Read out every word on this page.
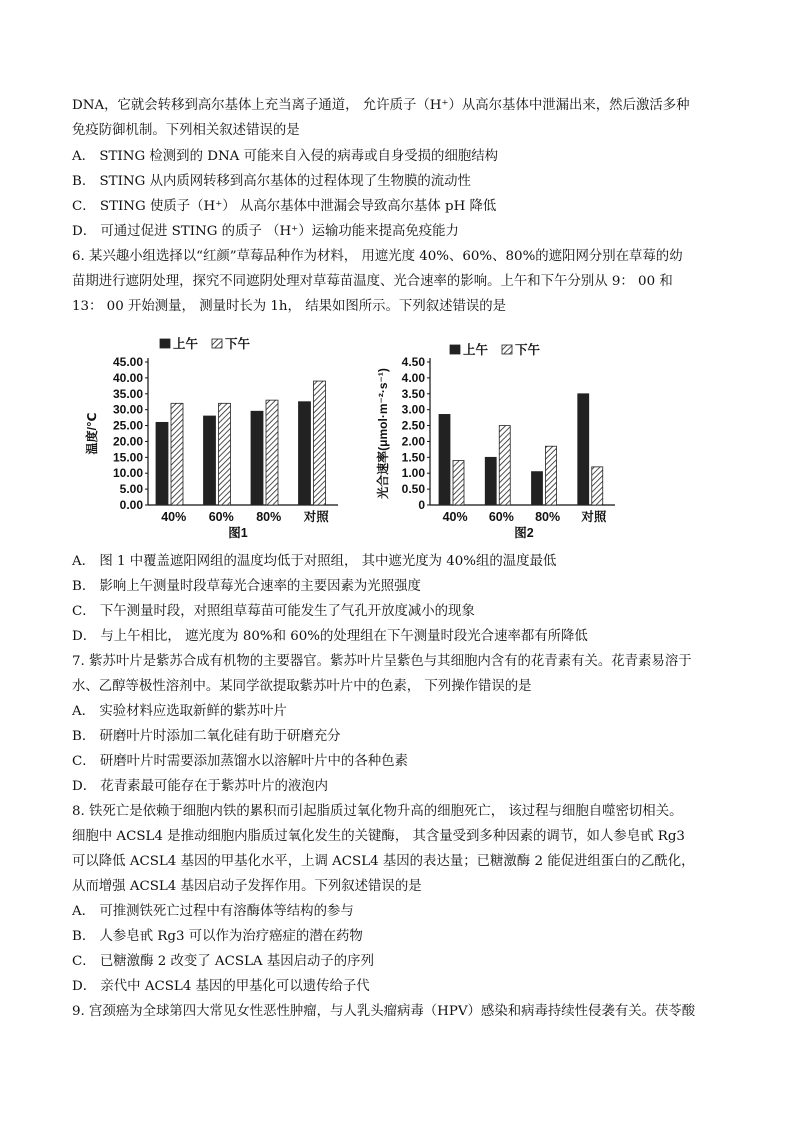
DNA，它就会转移到高尔基体上充当离子通道， 允许质子（H⁺）从高尔基体中泄漏出来，然后激活多种
免疫防御机制。下列相关叙述错误的是
A． STING 检测到的 DNA 可能来自入侵的病毒或自身受损的细胞结构
B． STING 从内质网转移到高尔基体的过程体现了生物膜的流动性
C． STING 使质子（H⁺） 从高尔基体中泄漏会导致高尔基体 pH 降低
D． 可通过促进 STING 的质子 （H⁺）运输功能来提高免疫能力
6. 某兴趣小组选择以“红颜”草莓品种作为材料， 用遮光度 40%、60%、80%的遮阳网分别在草莓的幼
苗期进行遮阴处理，探究不同遮阴处理对草莓苗温度、光合速率的影响。上午和下午分别从 9： 00 和
13： 00 开始测量， 测量时长为 1h， 结果如图所示。下列叙述错误的是
0.00
5.00
10.00
15.00
20.00
25.00
30.00
35.00
40.00
45.00
40% 60% 80% 对照
上午 下午
温度/℃
图1
0
0.50
1.00
1.50
2.00
2.50
3.00
3.50
4.00
4.50
40% 60% 80% 对照
上午 下午
光合速率(μmol·m⁻²·s⁻¹)
图2
A． 图 1 中覆盖遮阳网组的温度均低于对照组， 其中遮光度为 40%组的温度最低
B． 影响上午测量时段草莓光合速率的主要因素为光照强度
C． 下午测量时段，对照组草莓苗可能发生了气孔开放度减小的现象
D． 与上午相比， 遮光度为 80%和 60%的处理组在下午测量时段光合速率都有所降低
7. 紫苏叶片是紫苏合成有机物的主要器官。紫苏叶片呈紫色与其细胞内含有的花青素有关。花青素易溶于
水、乙醇等极性溶剂中。某同学欲提取紫苏叶片中的色素， 下列操作错误的是
A． 实验材料应选取新鲜的紫苏叶片
B． 研磨叶片时添加二氧化硅有助于研磨充分
C． 研磨叶片时需要添加蒸馏水以溶解叶片中的各种色素
D． 花青素最可能存在于紫苏叶片的液泡内
8. 铁死亡是依赖于细胞内铁的累积而引起脂质过氧化物升高的细胞死亡， 该过程与细胞自噬密切相关。
细胞中 ACSL4 是推动细胞内脂质过氧化发生的关键酶， 其含量受到多种因素的调节，如人参皂甙 Rg3
可以降低 ACSL4 基因的甲基化水平，上调 ACSL4 基因的表达量；已糖激酶 2 能促进组蛋白的乙酰化，
从而增强 ACSL4 基因启动子发挥作用。下列叙述错误的是
A． 可推测铁死亡过程中有溶酶体等结构的参与
B． 人参皂甙 Rg3 可以作为治疗癌症的潜在药物
C． 已糖激酶 2 改变了 ACSLA 基因启动子的序列
D． 亲代中 ACSL4 基因的甲基化可以遗传给子代
9. 宫颈癌为全球第四大常见女性恶性肿瘤，与人乳头瘤病毒（HPV）感染和病毒持续性侵袭有关。茯苓酸
